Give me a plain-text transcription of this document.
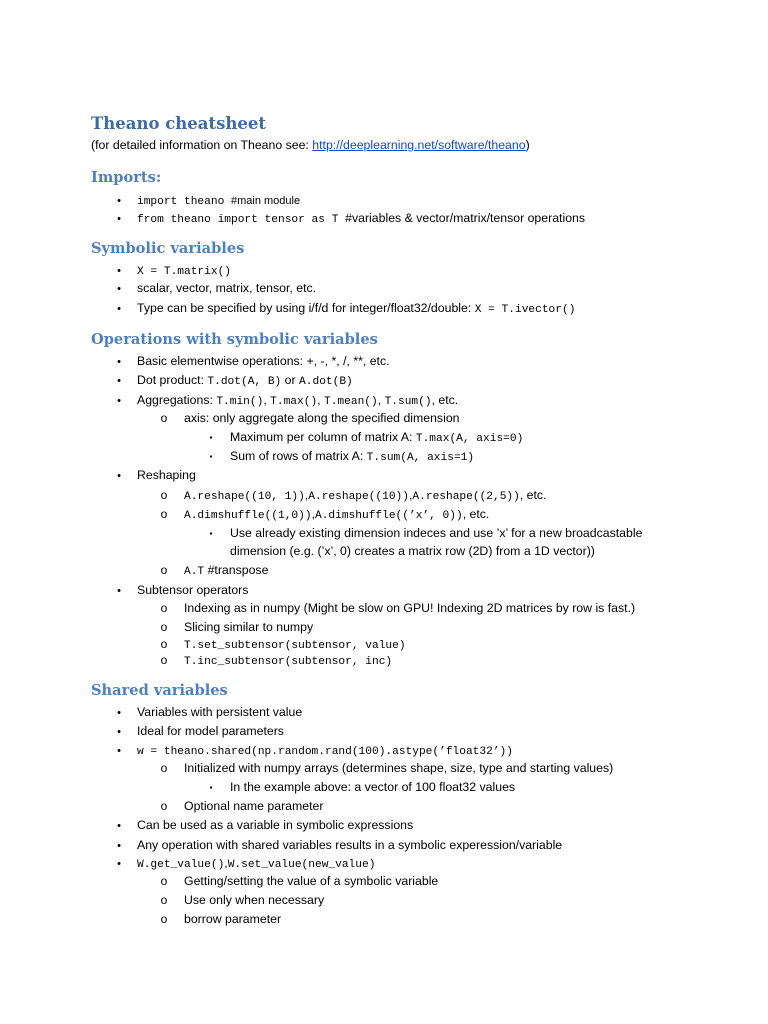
Theano cheatsheet
(for detailed information on Theano see: http://deeplearning.net/software/theano)
Imports:
•	import theano #main module
•	from theano import tensor as T #variables & vector/matrix/tensor operations
Symbolic variables
•	X = T.matrix()
•	scalar, vector, matrix, tensor, etc.
•	Type can be specified by using i/f/d for integer/float32/double: X = T.ivector()
Operations with symbolic variables
•	Basic elementwise operations: +, -, *, /, **, etc.
•	Dot product: T.dot(A, B) or A.dot(B)
•	Aggregations: T.min(), T.max(), T.mean(), T.sum(), etc.
o axis: only aggregate along the specified dimension
▪	Maximum per column of matrix A: T.max(A, axis=0)
▪	Sum of rows of matrix A: T.sum(A, axis=1)
•	Reshaping
o	A.reshape((10, 1)),A.reshape((10)),A.reshape((2,5)), etc.
o	A.dimshuffle((1,0)),A.dimshuffle((’x’, 0)), etc.
▪	Use already existing dimension indeces and use ’x’ for a new broadcastable
dimension (e.g. (’x’, 0) creates a matrix row (2D) from a 1D vector))
o	A.T #transpose
•	Subtensor operators
o Indexing as in numpy (Might be slow on GPU! Indexing 2D matrices by row is fast.)
o Slicing similar to numpy
o	T.set_subtensor(subtensor, value)
o	T.inc_subtensor(subtensor, inc)
Shared variables
•	Variables with persistent value
•	Ideal for model parameters
•	w = theano.shared(np.random.rand(100).astype(’float32’))
o Initialized with numpy arrays (determines shape, size, type and starting values)
▪	In the example above: a vector of 100 float32 values
o Optional name parameter
•	Can be used as a variable in symbolic expressions
•	Any operation with shared variables results in a symbolic experession/variable
•	W.get_value(),W.set_value(new_value)
o Getting/setting the value of a symbolic variable
o Use only when necessary
o borrow parameter
